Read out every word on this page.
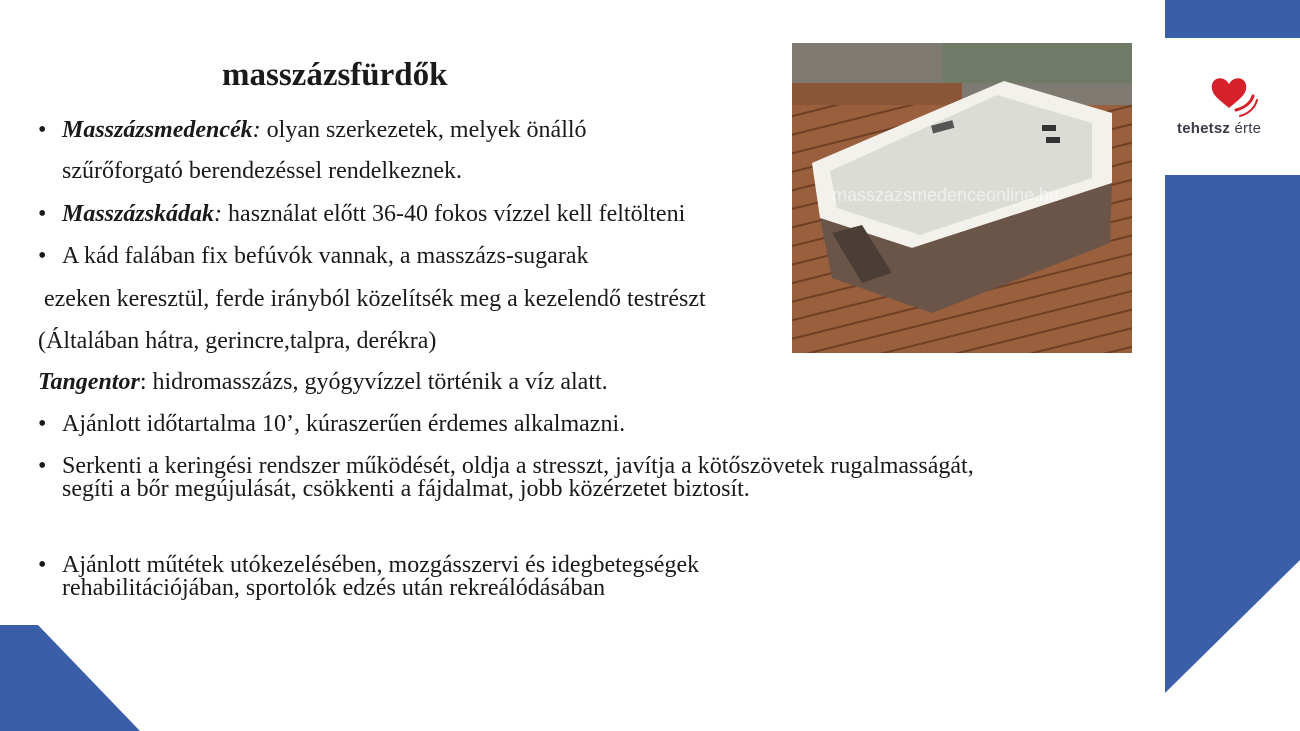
tehetsz érte
masszázsfürdők
masszazsmedenceonline.hu
• Masszázsmedencék: olyan szerkezetek, melyek önálló
szűrőforgató berendezéssel rendelkeznek.
• Masszázskádak: használat előtt 36-40 fokos vízzel kell feltölteni
• A kád falában fix befúvók vannak, a masszázs-sugarak
ezeken keresztül, ferde irányból közelítsék meg a kezelendő testrészt
(Általában hátra, gerincre,talpra, derékra)
Tangentor: hidromasszázs, gyógyvízzel történik a víz alatt.
• Ajánlott időtartalma 10’, kúraszerűen érdemes alkalmazni.
• Serkenti a keringési rendszer működését, oldja a stresszt, javítja a kötőszövetek rugalmasságát, segíti a bőr megújulását, csökkenti a fájdalmat, jobb közérzetet biztosít.
• Ajánlott műtétek utókezelésében, mozgásszervi és idegbetegségek rehabilitációjában, sportolók edzés után rekreálódásában
